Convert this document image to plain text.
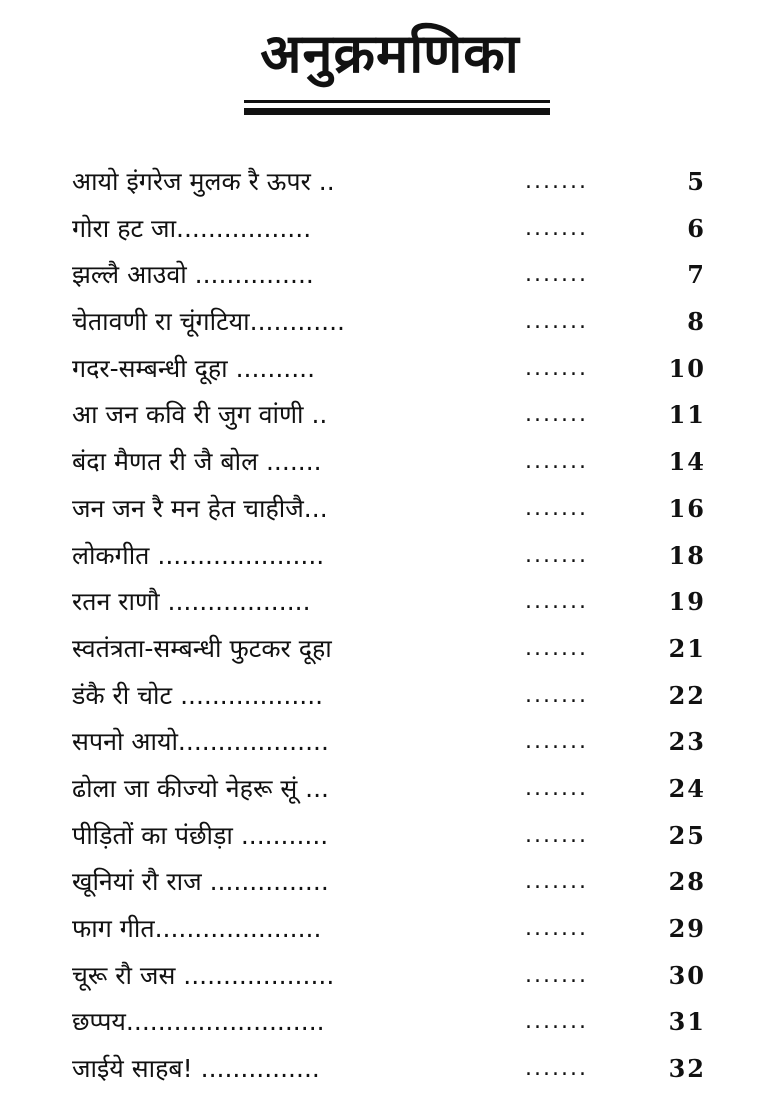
अनुक्रमणिका
आयो इंगरेज मुलक रै ऊपर ..	.......	5
गोरा हट जा.................	.......	6
झल्लै आउवो ...............	.......	7
चेतावणी रा चूंगटिया............	.......	8
गदर-सम्बन्धी दूहा ..........	.......	10
आ जन कवि री जुग वांणी ..	.......	11
बंदा मैणत री जै बोल .......	.......	14
जन जन रै मन हेत चाहीजै...	.......	16
लोकगीत .....................	.......	18
रतन राणौ ..................	.......	19
स्वतंत्रता-सम्बन्धी फुटकर दूहा	.......	21
डंकै री चोट ..................	.......	22
सपनो आयो...................	.......	23
ढोला जा कीज्यो नेहरू सूं ...	.......	24
पीड़ितों का पंछीड़ा ...........	.......	25
खूनियां रौ राज ...............	.......	28
फाग गीत.....................	.......	29
चूरू रौ जस ...................	.......	30
छप्पय.........................	.......	31
जाईये साहब! ...............	.......	32
